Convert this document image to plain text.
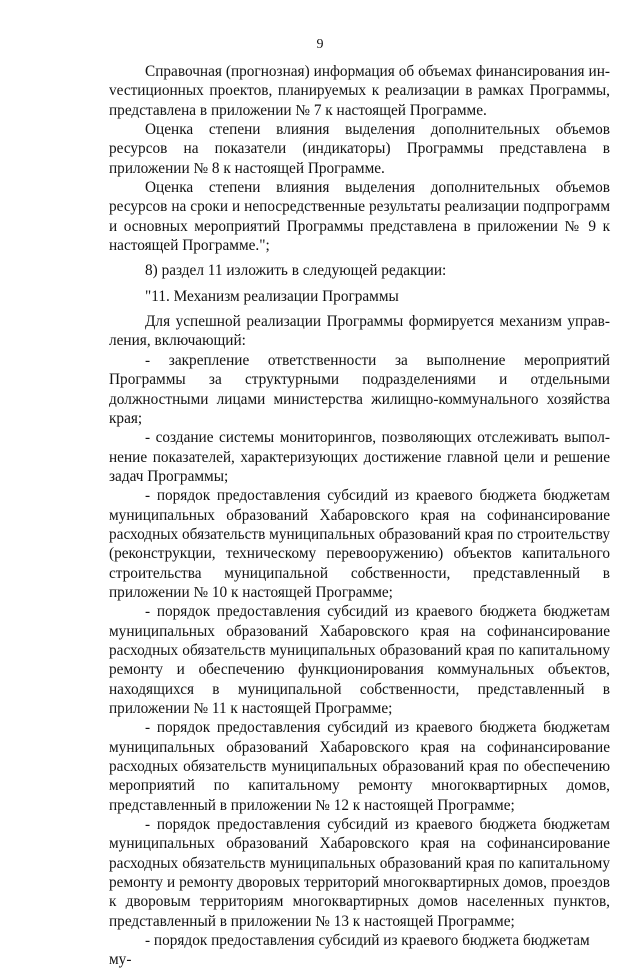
9

Справочная (прогнозная) информация об объемах финансирования инvестиционных проектов, планируемых к реализации в рамках Программы, представлена в приложении № 7 к настоящей Программе.

Оценка степени влияния выделения дополнительных объемов ресурсов на показатели (индикаторы) Программы представлена в приложении № 8 к настоящей Программе.

Оценка степени влияния выделения дополнительных объемов ресурсов на сроки и непосредственные результаты реализации подпрограмм и основных мероприятий Программы представлена в приложении № 9 к настоящей Программе.";

8) раздел 11 изложить в следующей редакции:

"11. Механизм реализации Программы

Для успешной реализации Программы формируется механизм управления, включающий:

- закрепление ответственности за выполнение мероприятий Программы за структурными подразделениями и отдельными должностными лицами министерства жилищно-коммунального хозяйства края;

- создание системы мониторингов, позволяющих отслеживать выполнение показателей, характеризующих достижение главной цели и решение задач Программы;

- порядок предоставления субсидий из краевого бюджета бюджетам муниципальных образований Хабаровского края на софинансирование расходных обязательств муниципальных образований края по строительству (реконструкции, техническому перевооружению) объектов капитального строительства муниципальной собственности, представленный в приложении № 10 к настоящей Программе;

- порядок предоставления субсидий из краевого бюджета бюджетам муниципальных образований Хабаровского края на софинансирование расходных обязательств муниципальных образований края по капитальному ремонту и обеспечению функционирования коммунальных объектов, находящихся в муниципальной собственности, представленный в приложении № 11 к настоящей Программе;

- порядок предоставления субсидий из краевого бюджета бюджетам муниципальных образований Хабаровского края на софинансирование расходных обязательств муниципальных образований края по обеспечению мероприятий по капитальному ремонту многоквартирных домов, представленный в приложении № 12 к настоящей Программе;

- порядок предоставления субсидий из краевого бюджета бюджетам муниципальных образований Хабаровского края на софинансирование расходных обязательств муниципальных образований края по капитальному ремонту и ремонту дворовых территорий многоквартирных домов, проездов к дворовым территориям многоквартирных домов населенных пунктов, представленный в приложении № 13 к настоящей Программе;

- порядок предоставления субсидий из краевого бюджета бюджетам му-
